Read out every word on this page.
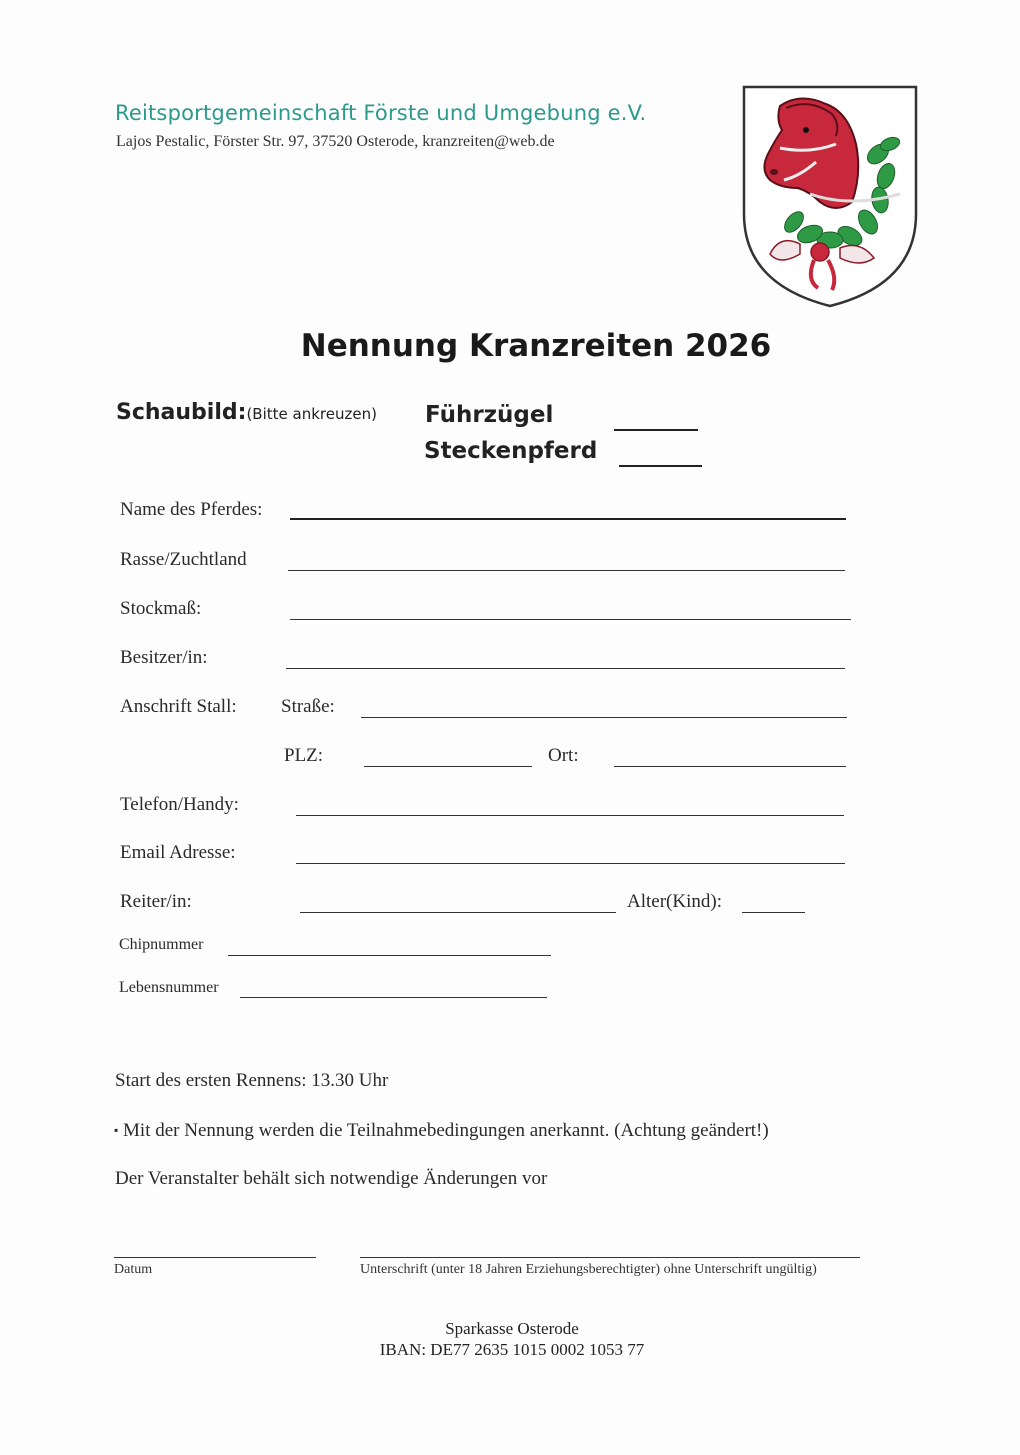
Reitsportgemeinschaft Förste und Umgebung e.V.
Lajos Pestalic, Förster Str. 97, 37520 Osterode, kranzreiten@web.de
Nennung Kranzreiten 2026
Schaubild:(Bitte ankreuzen) Führzügel
Steckenpferd
Name des Pferdes:
Rasse/Zuchtland
Stockmaß:
Besitzer/in:
Anschrift Stall: Straße:
PLZ:	Ort:
Telefon/Handy:
Email Adresse:
Reiter/in:	Alter(Kind):
Chipnummer
Lebensnummer
Start des ersten Rennens: 13.30 Uhr
▪ Mit der Nennung werden die Teilnahmebedingungen anerkannt. (Achtung geändert!)
Der Veranstalter behält sich notwendige Änderungen vor
Datum	Unterschrift (unter 18 Jahren Erziehungsberechtigter) ohne Unterschrift ungültig)
Sparkasse Osterode
IBAN: DE77 2635 1015 0002 1053 77
